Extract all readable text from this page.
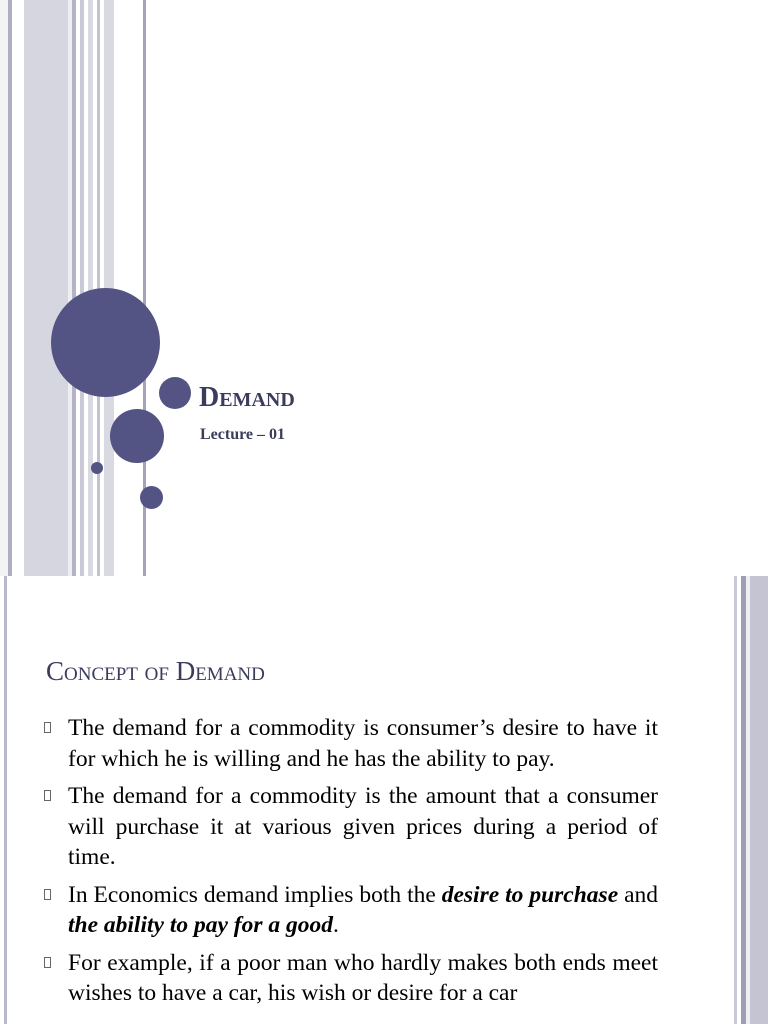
Demand
Lecture – 01
Concept of Demand
The demand for a commodity is consumer’s desire to have it for which he is willing and he has the ability to pay.
The demand for a commodity is the amount that a consumer will purchase it at various given prices during a period of time.
In Economics demand implies both the desire to purchase and the ability to pay for a good.
For example, if a poor man who hardly makes both ends meet wishes to have a car, his wish or desire for a car
